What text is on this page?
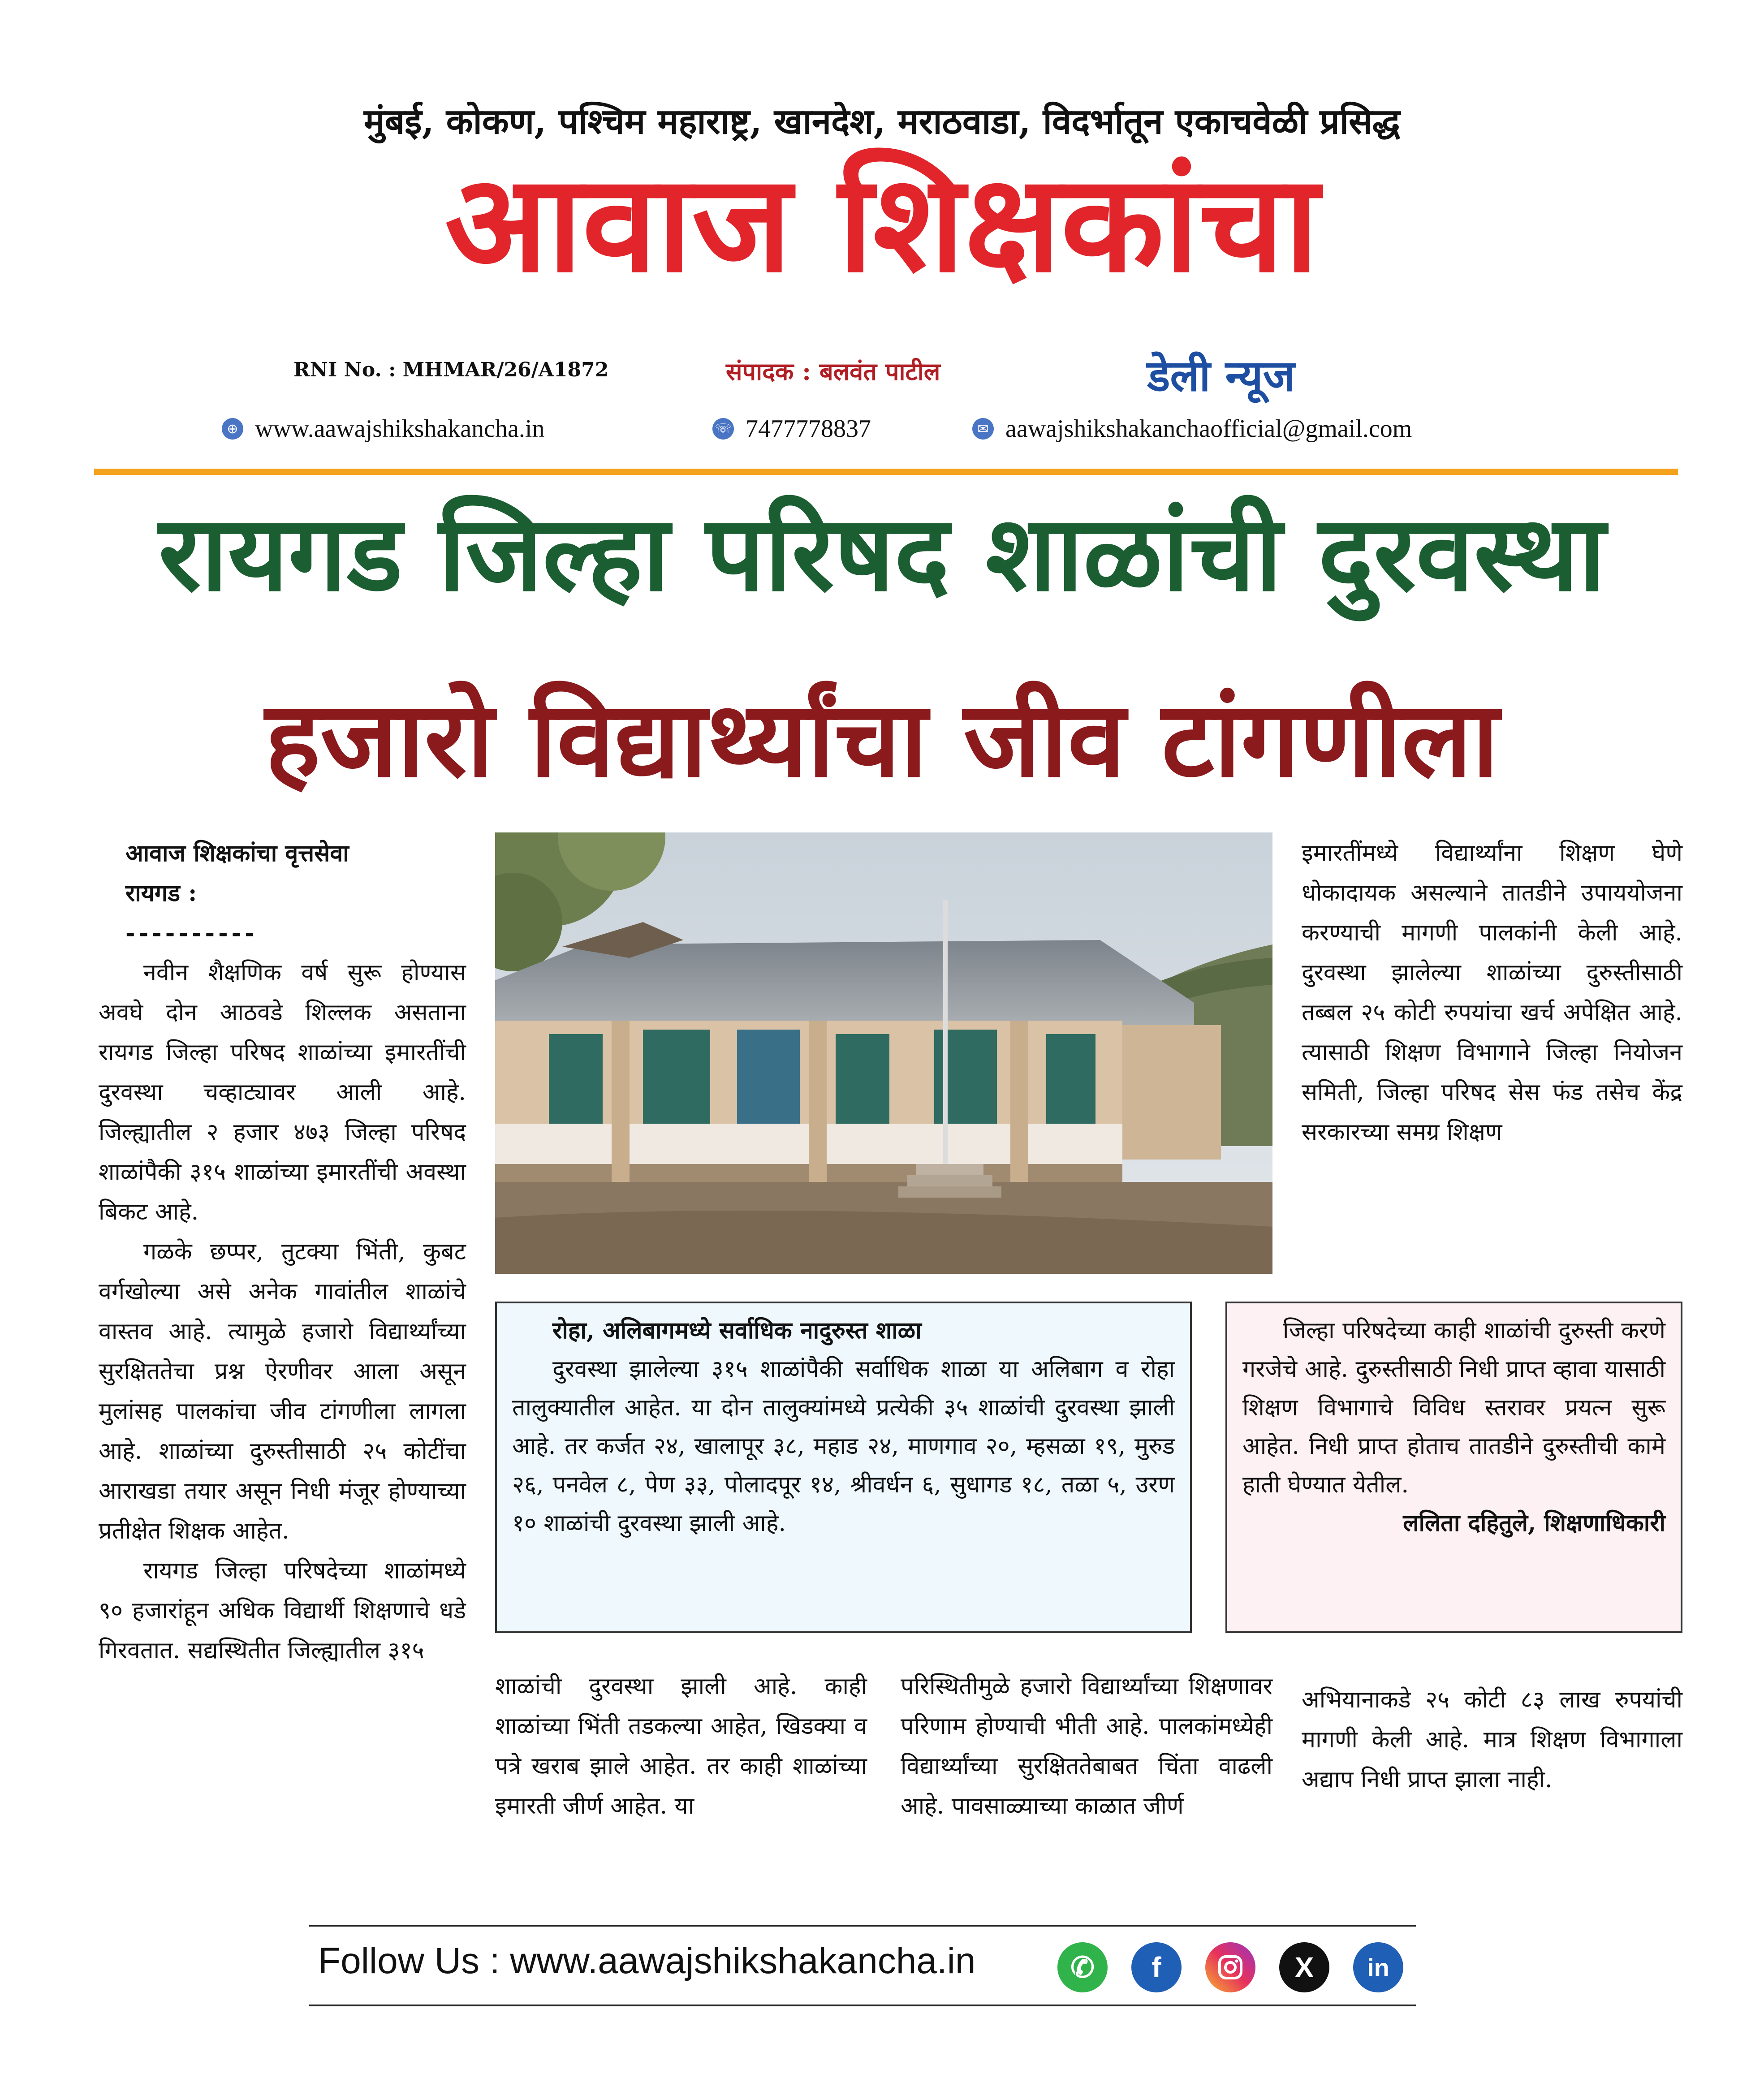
मुंबई, कोकण, पश्चिम महाराष्ट्र, खानदेश, मराठवाडा, विदर्भातून एकाचवेळी प्रसिद्ध
आवाज शिक्षकांचा
RNI No. : MHMAR/26/A1872	संपादक : बलवंत पाटील	डेली न्यूज
⊕ www.aawajshikshakancha.in	☏ 7477778837	✉ aawajshikshakanchaofficial@gmail.com
रायगड जिल्हा परिषद शाळांची दुरवस्था
हजारो विद्यार्थ्यांचा जीव टांगणीला

आवाज शिक्षकांचा वृत्तसेवा

रायगड :

----------

नवीन शैक्षणिक वर्ष सुरू होण्यास अवघे दोन आठवडे शिल्लक असताना रायगड जिल्हा परिषद शाळांच्या इमारतींची दुरवस्था चव्हाट्यावर आली आहे. जिल्ह्यातील २ हजार ४७३ जिल्हा परिषद शाळांपैकी ३१५ शाळांच्या इमारतींची अवस्था बिकट आहे.

गळके छप्पर, तुटक्या भिंती, कुबट वर्गखोल्या असे अनेक गावांतील शाळांचे वास्तव आहे. त्यामुळे हजारो विद्यार्थ्यांच्या सुरक्षिततेचा प्रश्न ऐरणीवर आला असून मुलांसह पालकांचा जीव टांगणीला लागला आहे. शाळांच्या दुरुस्तीसाठी २५ कोटींचा आराखडा तयार असून निधी मंजूर होण्याच्या प्रतीक्षेत शिक्षक आहेत.

रायगड जिल्हा परिषदेच्या शाळांमध्ये ९० हजारांहून अधिक विद्यार्थी शिक्षणाचे धडे गिरवतात. सद्यस्थितीत जिल्ह्यातील ३१५

इमारतींमध्ये विद्यार्थ्यांना शिक्षण घेणे धोकादायक असल्याने तातडीने उपाययोजना करण्याची मागणी पालकांनी केली आहे. दुरवस्था झालेल्या शाळांच्या दुरुस्तीसाठी तब्बल २५ कोटी रुपयांचा खर्च अपेक्षित आहे. त्यासाठी शिक्षण विभागाने जिल्हा नियोजन समिती, जिल्हा परिषद सेस फंड तसेच केंद्र सरकारच्या समग्र शिक्षण

रोहा, अलिबागमध्ये सर्वाधिक नादुरुस्त शाळा

दुरवस्था झालेल्या ३१५ शाळांपैकी सर्वाधिक शाळा या अलिबाग व रोहा तालुक्यातील आहेत. या दोन तालुक्यांमध्ये प्रत्येकी ३५ शाळांची दुरवस्था झाली आहे. तर कर्जत २४, खालापूर ३८, महाड २४, माणगाव २०, म्हसळा १९, मुरुड २६, पनवेल ८, पेण ३३, पोलादपूर १४, श्रीवर्धन ६, सुधागड १८, तळा ५, उरण १० शाळांची दुरवस्था झाली आहे.

जिल्हा परिषदेच्या काही शाळांची दुरुस्ती करणे गरजेचे आहे. दुरुस्तीसाठी निधी प्राप्त व्हावा यासाठी शिक्षण विभागाचे विविध स्तरावर प्रयत्न सुरू आहेत. निधी प्राप्त होताच तातडीने दुरुस्तीची कामे हाती घेण्यात येतील.

ललिता दहितुले, शिक्षणाधिकारी

शाळांची दुरवस्था झाली आहे. काही शाळांच्या भिंती तडकल्या आहेत, खिडक्या व पत्रे खराब झाले आहेत. तर काही शाळांच्या इमारती जीर्ण आहेत. या

परिस्थितीमुळे हजारो विद्यार्थ्यांच्या शिक्षणावर परिणाम होण्याची भीती आहे. पालकांमध्येही विद्यार्थ्यांच्या सुरक्षिततेबाबत चिंता वाढली आहे. पावसाळ्याच्या काळात जीर्ण

अभियानाकडे २५ कोटी ८३ लाख रुपयांची मागणी केली आहे. मात्र शिक्षण विभागाला अद्याप निधी प्राप्त झाला नाही.

Follow Us : www.aawajshikshakancha.in	✆	f	X in
